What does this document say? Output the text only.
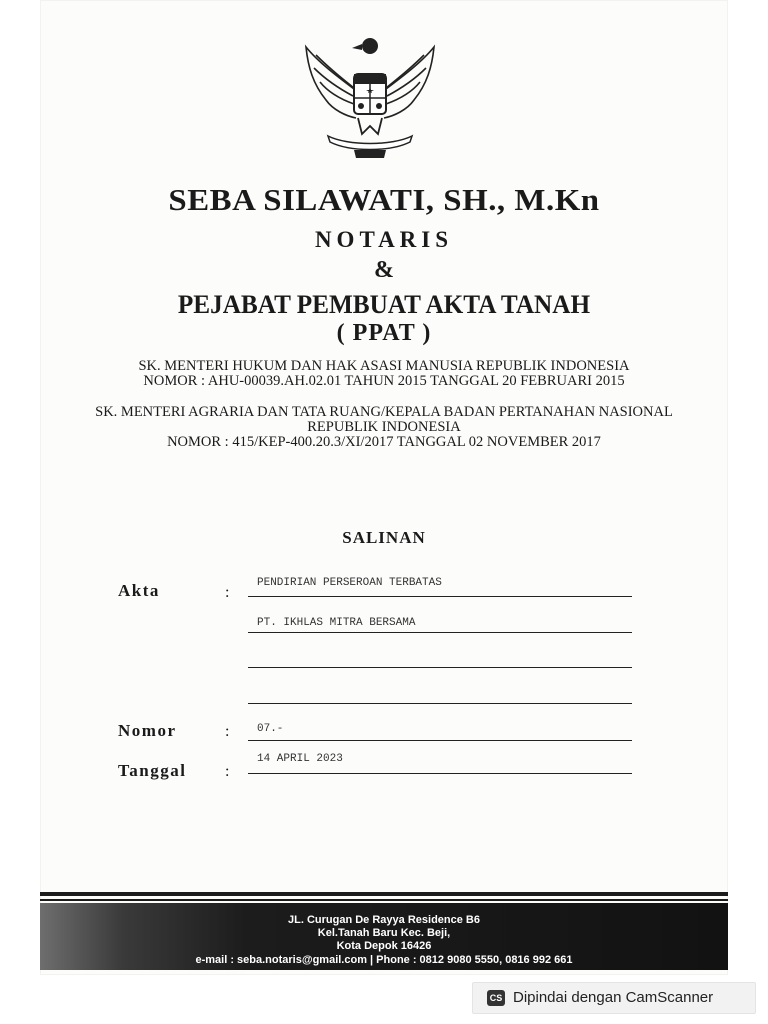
SEBA SILAWATI, SH., M.Kn
NOTARIS
&
PEJABAT PEMBUAT AKTA TANAH
( PPAT )
SK. MENTERI HUKUM DAN HAK ASASI MANUSIA REPUBLIK INDONESIA
NOMOR : AHU-00039.AH.02.01 TAHUN 2015 TANGGAL 20 FEBRUARI 2015
SK. MENTERI AGRARIA DAN TATA RUANG/KEPALA BADAN PERTANAHAN NASIONAL
REPUBLIK INDONESIA
NOMOR : 415/KEP-400.20.3/XI/2017 TANGGAL 02 NOVEMBER 2017
SALINAN
Akta	:
PENDIRIAN PERSEROAN TERBATAS
PT. IKHLAS MITRA BERSAMA
Nomor	:	07.-
Tanggal :
14 APRIL 2023
JL. Curugan De Rayya Residence B6
Kel.Tanah Baru Kec. Beji,
Kota Depok 16426
e-mail : seba.notaris@gmail.com | Phone : 0812 9080 5550, 0816 992 661
CS Dipindai dengan CamScanner
